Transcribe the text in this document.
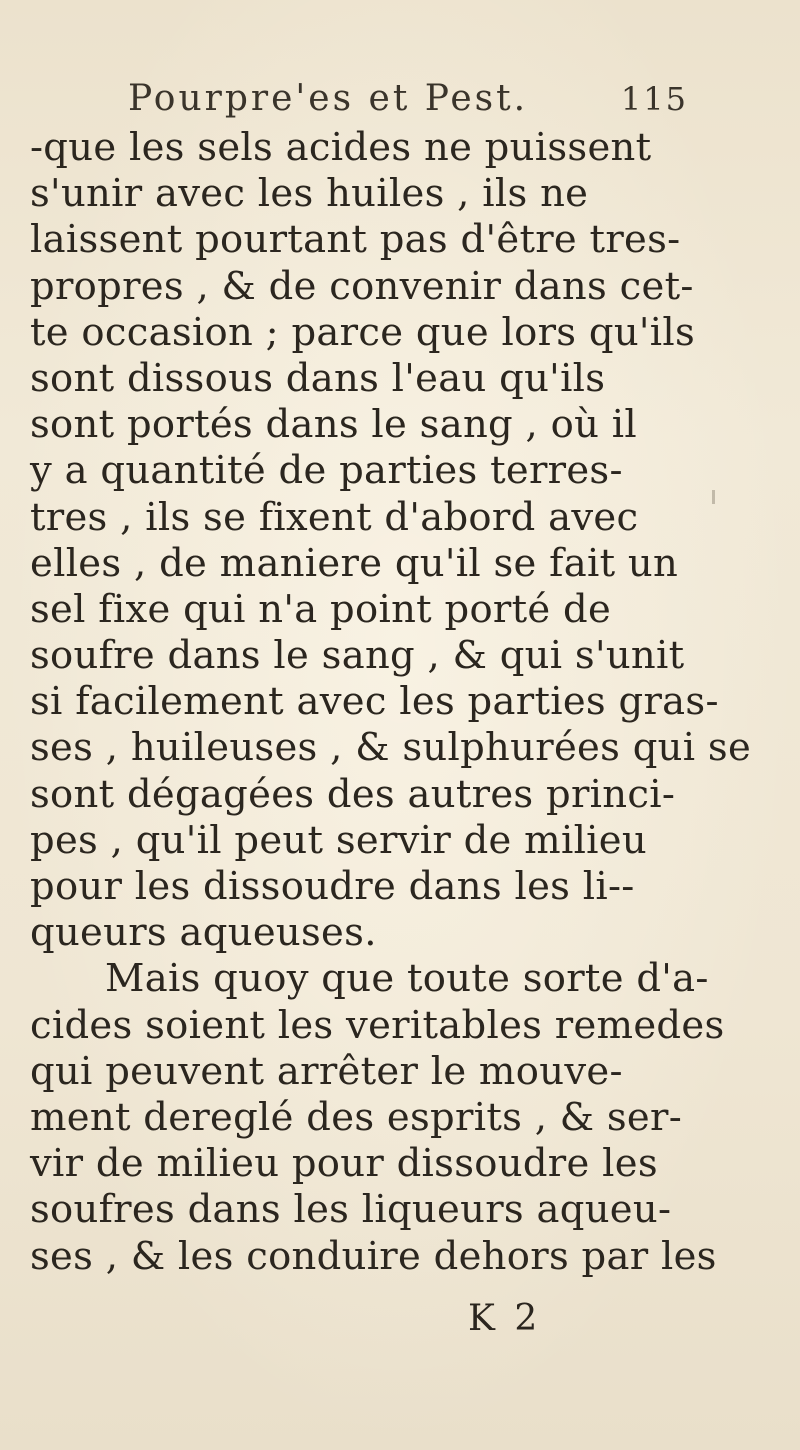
Pourpre'es et Pest.	115
-que les sels acides ne puissent
s'unir avec les huiles , ils ne
laissent pourtant pas d'être tres-
propres , & de convenir dans cet-
te occasion ; parce que lors qu'ils
sont dissous dans l'eau qu'ils
sont portés dans le sang , où il
y a quantité de parties terres-
tres , ils se fixent d'abord avec
elles , de maniere qu'il se fait un
sel fixe qui n'a point porté de
soufre dans le sang , & qui s'unit
si facilement avec les parties gras-
ses , huileuses , & sulphurées qui se
sont dégagées des autres princi-
pes , qu'il peut servir de milieu
pour les dissoudre dans les li--
queurs aqueuses.
Mais quoy que toute sorte d'a-
cides soient les veritables remedes
qui peuvent arrêter le mouve-
ment dereglé des esprits , & ser-
vir de milieu pour dissoudre les
soufres dans les liqueurs aqueu-
ses , & les conduire dehors par les
K 2
